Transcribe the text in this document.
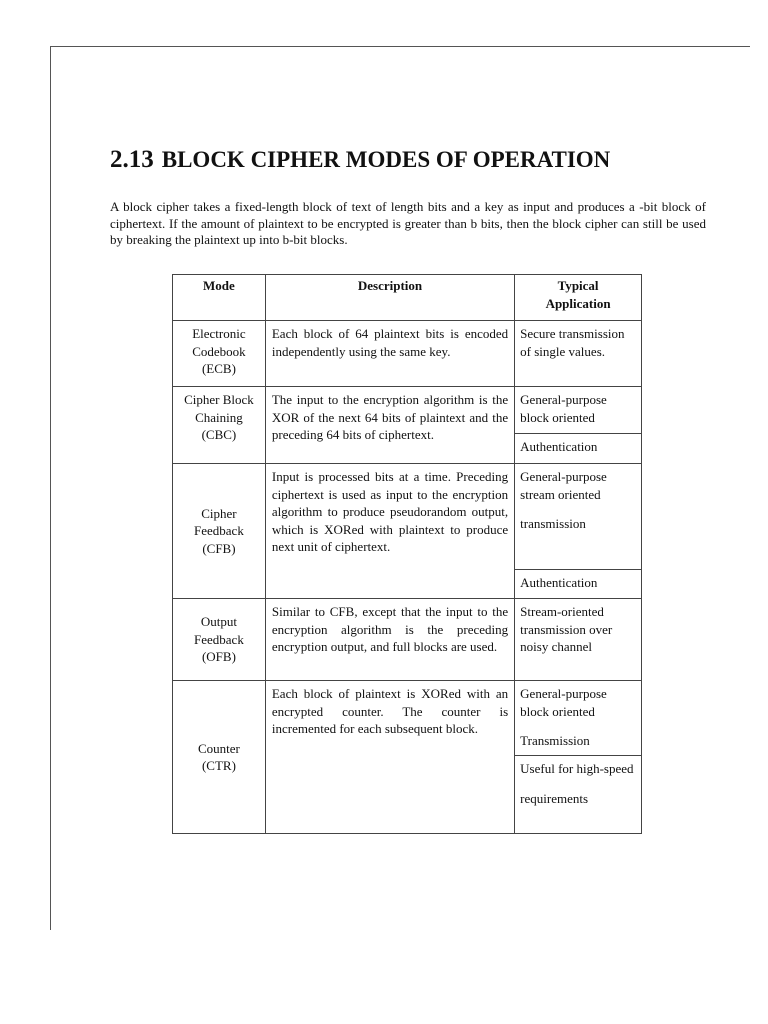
2.13 BLOCK CIPHER MODES OF OPERATION

A block cipher takes a fixed-length block of text of length bits and a key as input and produces a -bit block of ciphertext. If the amount of plaintext to be encrypted is greater than b bits, then the block cipher can still be used by breaking the plaintext up into b-bit blocks.

Mode	Description	Typical
Application

Electronic
Codebook
(ECB)	Each block of 64 plaintext bits is encoded independently using the same key.	Secure transmission of single values.

Cipher Block
Chaining
(CBC)	The input to the encryption algorithm is the XOR of the next 64 bits of plaintext and the preceding 64 bits of ciphertext.	General-purpose block oriented
		Authentication

Cipher
Feedback
(CFB)	Input is processed bits at a time. Preceding ciphertext is used as input to the encryption algorithm to produce pseudorandom output, which is XORed with plaintext to produce next unit of ciphertext.	General-purpose stream oriented
transmission

		Authentication

Output
Feedback
(OFB)	Similar to CFB, except that the input to the encryption algorithm is the preceding encryption output, and full blocks are used.	Stream-oriented transmission over noisy channel

Counter
(CTR)	Each block of plaintext is XORed with an encrypted counter. The counter is incremented for each subsequent block.	General-purpose block oriented
Transmission

		Useful for high-speed
requirements
